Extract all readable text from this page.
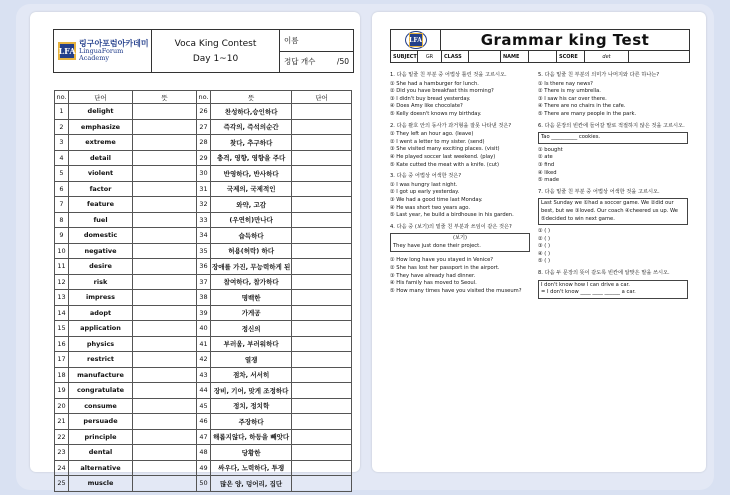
LFA
링구아포럼아카데미
LinguaForum Academy
Voca King Contest
Day 1~10
이름
정답 개수	/50
no.	단어	뜻	no.	뜻	단어
1	delight		26	찬성하다,승인하다	
2	emphasize		27	즉각의, 즉석의순간	
3	extreme		28	찾다, 추구하다	
4	detail		29	충격, 영향, 영향을 주다	
5	violent		30	반영하다, 반사하다	
6	factor		31	국제의, 국제적인	
7	feature		32	와약, 고감	
8	fuel		33	(우연히)만나다	
9	domestic		34	습득하다	
10	negative		35	허용(허락) 하다	
11	desire		36	장애를 가진, 무능력하게 된	
12	risk		37	참여하다, 참가하다	
13	impress		38	명백한	
14	adopt		39	가게공	
15	application		40	정신의	
16	physics		41	부러움, 부러워하다	
17	restrict		42	열쟁	
18	manufacture		43	점차, 서서히	
19	congratulate		44	장비, 기어, 맞게 조정하다	
20	consume		45	정치, 정치학	
21	persuade		46	주장하다	
22	principle		47	해롭지않다, 하등을 빼앗다	
23	dental		48	당황한	
24	alternative		49	싸우다, 노력하다, 투쟁	
25	muscle		50	많은 양, 덩어리, 집단	
LFA	Grammar king Test
SUBJECT	GR	CLASS	NAME	SCORE	det
1. 다음 밑줄 친 부분 중 어법상 틀린 것을 고르시오.
① She had a hamburger for lunch.
② Did you have breakfast this morning?
③ I didn't buy bread yesterday.
④ Does Amy like chocolate?
⑤ Kelly doesn't knows my birthday.
2. 다음 괄호 안의 동사가 과거형을 잘못 나타낸 것은?
① They left an hour ago. (leave)
② I went a letter to my sister. (send)
③ She visited many exciting places. (visit)
④ He played soccer last weekend. (play)
⑤ Kate cutted the meat with a knife. (cut)
3. 다음 중 어법상 어색한 것은?
① I was hungry last night.
② I got up early yesterday.
③ We had a good time last Monday.
④ He was short two years ago.
⑤ Last year, he build a birdhouse in his garden.
4. 다음 중 (보기)의 밑줄 친 부분과 쓰임이 같은 것은?
(보기)
They have just done their project.
① How long have you stayed in Venice?
② She has lost her passport in the airport.
③ They have already had dinner.
④ His family has moved to Seoul.
⑤ How many times have you visited the museum?
5. 다음 밑줄 친 부분의 의미가 나머지와 다른 하나는?
① Is there nay news?
② There is my umbrella.
③ I saw his car over there.
④ There are no chairs in the cafe.
⑤ There are many people in the park.
6. 다음 문장의 빈칸에 들어갈 말로 적절하지 않은 것을 고르시오.
Tao __________ cookies.
① bought
② ate
③ find
④ liked
⑤ made
7. 다음 밑줄 친 부분 중 어법상 어색한 것을 고르시오.
Last Sunday we ①had a soccer game. We ②did our best, but we ③loved. Our coach ④cheered us up. We ⑤decided to win next game.
① ( )
② ( )
③ ( )
④ ( )
⑤ ( )
8. 다음 두 문장의 뜻이 같도록 빈칸에 알맞은 말을 쓰시오.
I don't know how I can drive a car.
= I don't know ____ ____ ______ a car.
